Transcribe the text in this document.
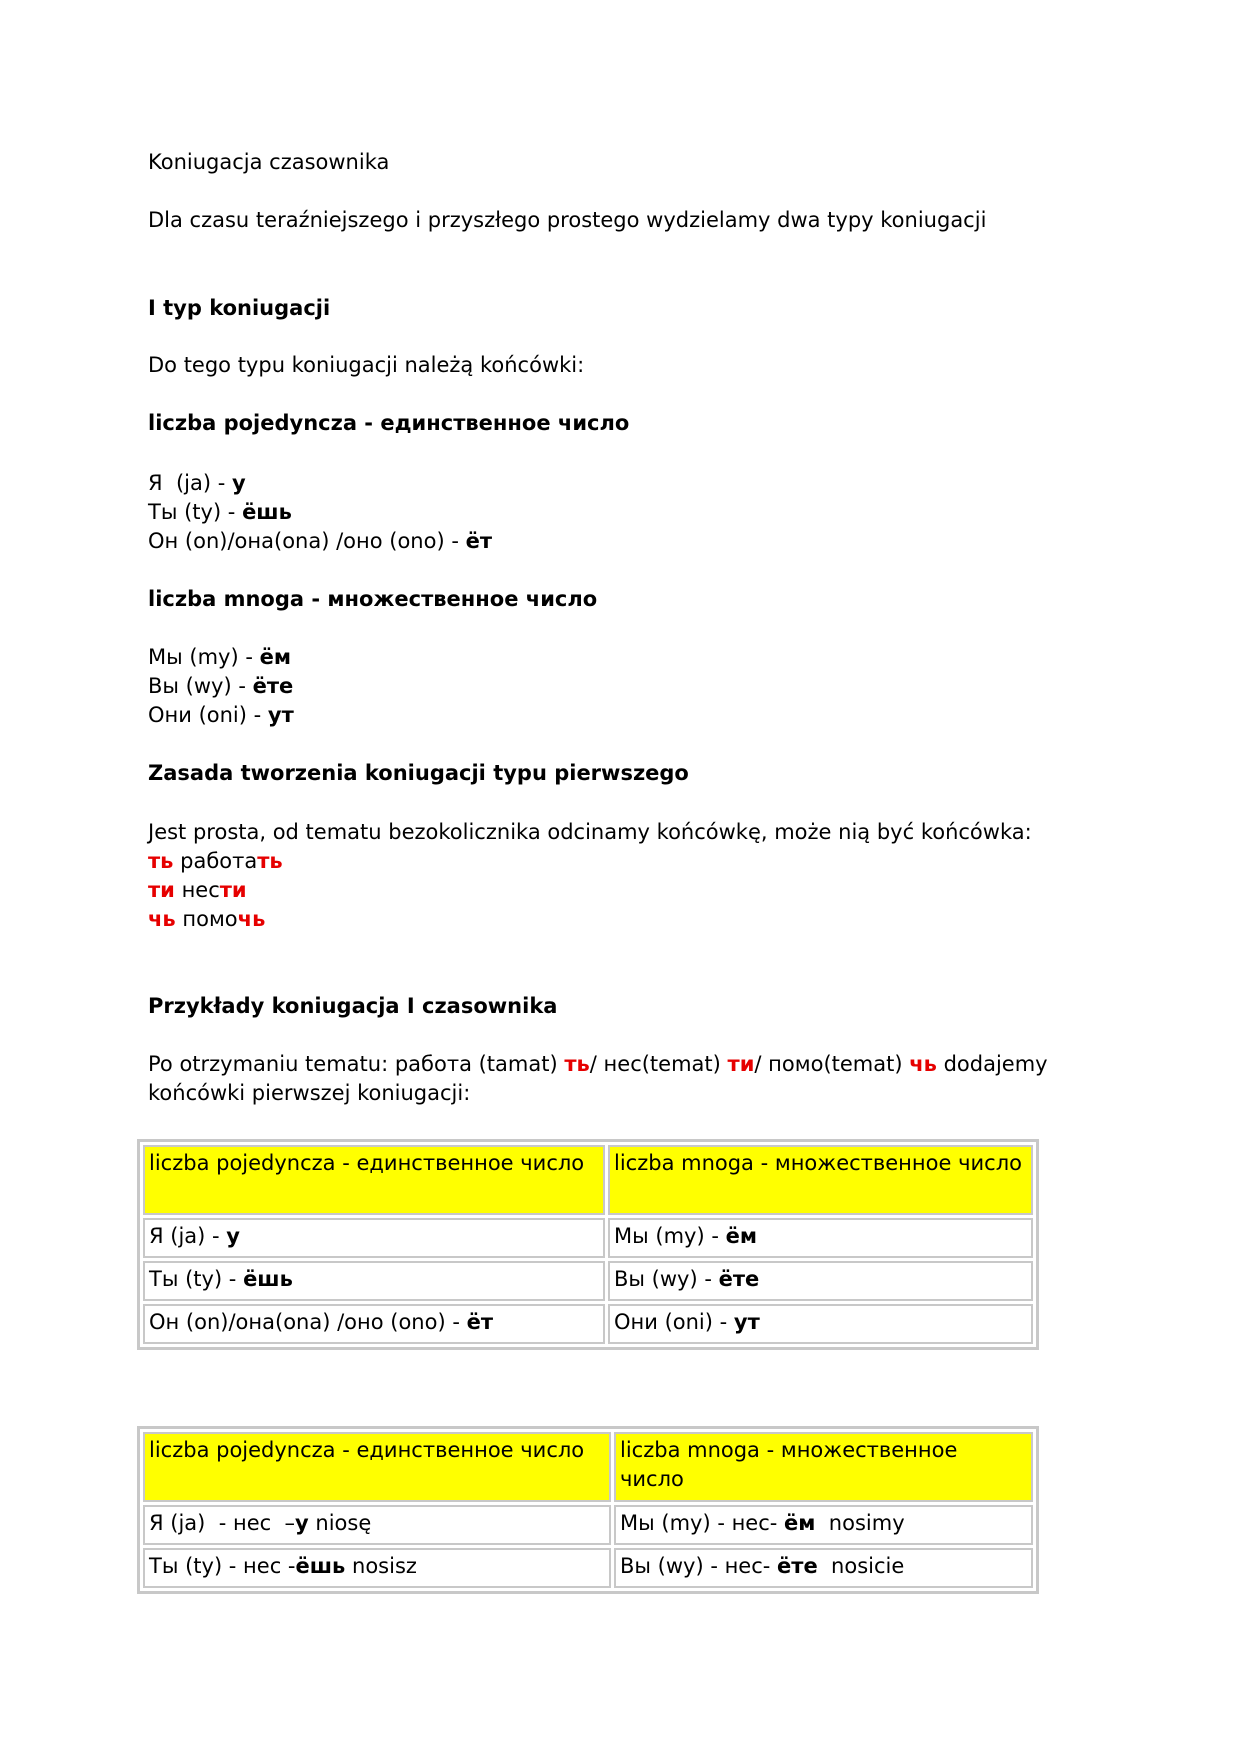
Koniugacja czasownika
Dla czasu teraźniejszego i przyszłego prostego wydzielamy dwa typy koniugacji
I typ koniugacji
Do tego typu koniugacji należą końcówki:
liczba pojedyncza - единственное число
Я  (ja) - у
Ты (ty) - ёшь
Он (on)/она(ona) /оно (ono) - ёт
liczba mnoga - множественное число
Мы (my) - ём
Вы (wy) - ёте
Они (oni) - ут
Zasada tworzenia koniugacji typu pierwszego
Jest prosta, od tematu bezokolicznika odcinamy końcówkę, może nią być końcówka:
ть работать
ти нести
чь помочь
Przykłady koniugacja I czasownika
Po otrzymaniu tematu: работа (tamat) ть/ нес(temat) ти/ помо(temat) чь dodajemy końcówki pierwszej koniugacji:
liczba pojedyncza - единственное число	liczba mnoga - множественное число
Я (ja) - у	Мы (my) - ём
Ты (ty) - ёшь	Вы (wy) - ёте
Он (on)/она(ona) /оно (ono) - ёт	Они (oni) - ут
liczba pojedyncza - единственное число	liczba mnoga - множественное число
Я (ja)  - нес  –у niosę	Мы (my) - нес- ём  nosimy
Ты (ty) - нес -ёшь nosisz	Вы (wy) - нес- ёте  nosicie
